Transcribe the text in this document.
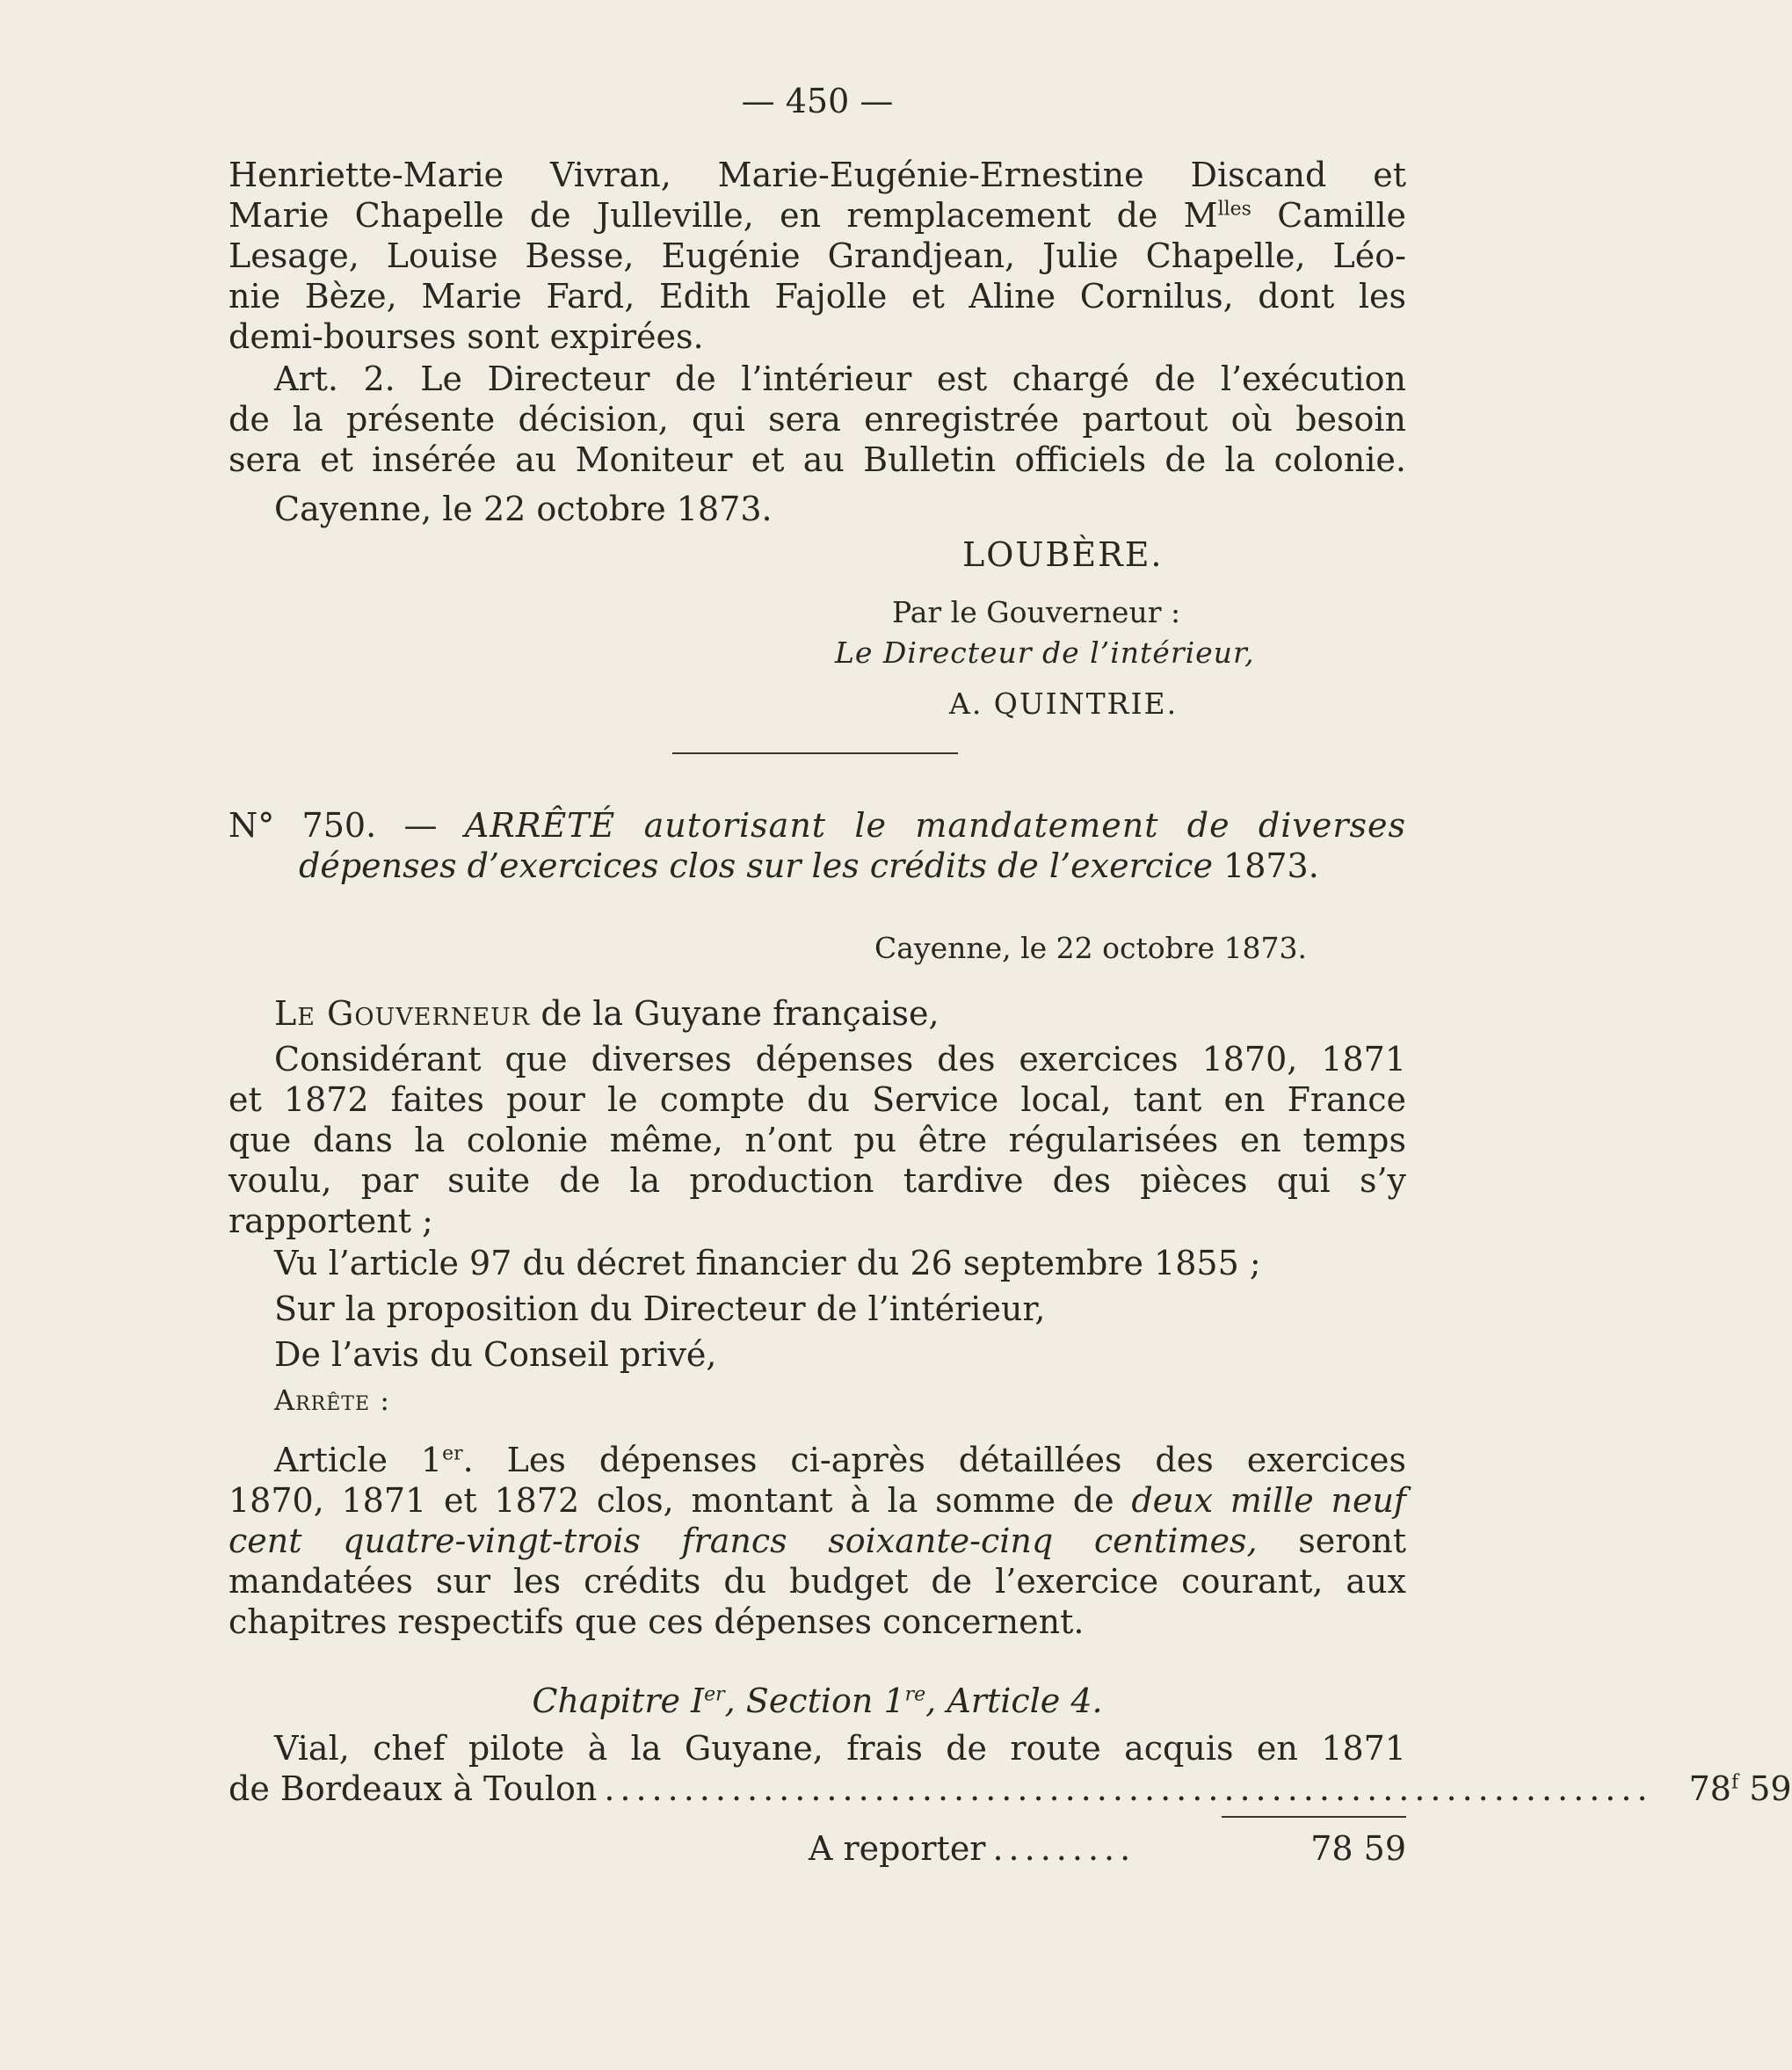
— 450 —
Henriette-Marie Vivran, Marie-Eugénie-Ernestine Discand et
Marie Chapelle de Julleville, en remplacement de $M^{lles}$ Camille
Lesage, Louise Besse, Eugénie Grandjean, Julie Chapelle, Léo-
nie Bèze, Marie Fard, Edith Fajolle et Aline Cornilus, dont les
demi-bourses sont expirées.
Art. 2. Le Directeur de l’intérieur est chargé de l’exécution
de la présente décision, qui sera enregistrée partout où besoin
sera et insérée au Moniteur et au Bulletin officiels de la colonie.
Cayenne, le 22 octobre 1873.
LOUBÈRE.
Par le Gouverneur :
Le Directeur de l’intérieur,
A. QUINTRIE.
N° 750. — ARRÊTÉ autorisant le mandatement de diverses
dépenses d’exercices clos sur les crédits de l’exercice 1873.
Cayenne, le 22 octobre 1873.
Le Gouverneur de la Guyane française,
Considérant que diverses dépenses des exercices 1870, 1871
et 1872 faites pour le compte du Service local, tant en France
que dans la colonie même, n’ont pu être régularisées en temps
voulu, par suite de la production tardive des pièces qui s’y
rapportent ;
Vu l’article 97 du décret financier du 26 septembre 1855 ;
Sur la proposition du Directeur de l’intérieur,
De l’avis du Conseil privé,
Arrête :
Article 1er. Les dépenses ci-après détaillées des exercices
1870, 1871 et 1872 clos, montant à la somme de deux mille neuf
cent quatre-vingt-trois francs soixante-cinq centimes, seront
mandatées sur les crédits du budget de l’exercice courant, aux
chapitres respectifs que ces dépenses concernent.
Chapitre Ier, Section 1re, Article 4.
Vial, chef pilote à la Guyane, frais de route acquis en 1871
de Bordeaux à Toulon ..................................................................	78$^f$ 59
A reporter .........	78 59
